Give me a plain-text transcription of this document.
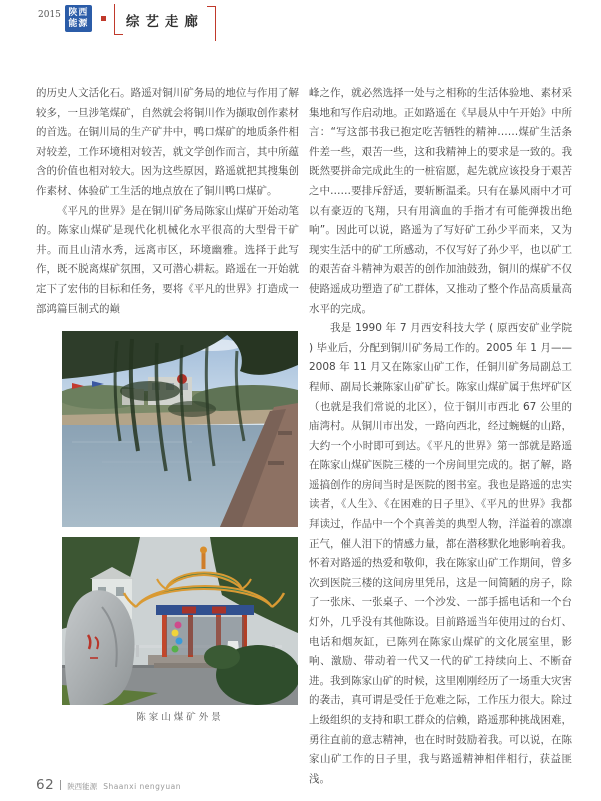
2015 陕西
能源	综艺走廊

的历史人文活化石。路遥对铜川矿务局的地位与作用了解较多，一旦涉笔煤矿，自然就会将铜川作为撷取创作素材的首选。在铜川局的生产矿井中，鸭口煤矿的地质条件相对较差，工作环境相对较苦，就文学创作而言，其中所蕴含的价值也相对较大。因为这些原因，路遥就把其搜集创作素材、体验矿工生活的地点放在了铜川鸭口煤矿。

《平凡的世界》是在铜川矿务局陈家山煤矿开始动笔的。陈家山煤矿是现代化机械化水平很高的大型骨干矿井。而且山清水秀，远离市区，环境幽雅。选择于此写作，既不脱离煤矿氛围，又可潜心耕耘。路遥在一开始就定下了宏伟的目标和任务，要将《平凡的世界》打造成一部鸿篇巨制式的巅

峰之作，就必然选择一处与之相称的生活体验地、素材采集地和写作启动地。正如路遥在《早晨从中午开始》中所言：“写这部书我已抱定吃苦牺牲的精神……煤矿生活条件差一些，艰苦一些，这和我精神上的要求是一致的。我既然要拼命完成此生的一桩宿愿，起先就应该投身于艰苦之中……要排斥舒适，要斩断温柔。只有在暴风雨中才可以有豪迈的飞翔，只有用滴血的手指才有可能弹拨出绝响”。因此可以说，路遥为了写好矿工孙少平而来，又为现实生活中的矿工所感动，不仅写好了孙少平，也以矿工的艰苦奋斗精神为艰苦的创作加油鼓劲，铜川的煤矿不仅使路遥成功塑造了矿工群体，又推动了整个作品高质量高水平的完成。

我是 1990 年 7 月西安科技大学 ( 原西安矿业学院 ) 毕业后，分配到铜川矿务局工作的。2005 年 1 月——2008 年 11 月又在陈家山矿工作，任铜川矿务局副总工程师、副局长兼陈家山矿矿长。陈家山煤矿属于焦坪矿区（也就是我们常说的北区），位于铜川市西北 67 公里的庙湾村。从铜川市出发，一路向西北，经过蜿蜒的山路，大约一个小时即可到达。《平凡的世界》第一部就是路遥在陈家山煤矿医院三楼的一个房间里完成的。据了解，路遥搞创作的房间当时是医院的图书室。我也是路遥的忠实读者，《人生》、《在困难的日子里》、《平凡的世界》我都拜读过，作品中一个个真善美的典型人物，洋溢着的凛凛正气，催人泪下的情感力量，都在潜移默化地影响着我。怀着对路遥的热爱和敬仰，我在陈家山矿工作期间，曾多次到医院三楼的这间房里凭吊，这是一间简陋的房子，除了一张床、一张桌子、一个沙发、一部手摇电话和一个台灯外，几乎没有其他陈设。目前路遥当年使用过的台灯、电话和烟灰缸，已陈列在陈家山煤矿的文化展室里，影响、激励、带动着一代又一代的矿工持续向上、不断奋进。我到陈家山矿的时候，这里刚刚经历了一场重大灾害的袭击，真可谓是受任于危难之际，工作压力很大。除过上级组织的支持和职工群众的信赖，路遥那种挑战困难，勇往直前的意志精神，也在时时鼓励着我。可以说，在陈家山矿工作的日子里，我与路遥精神相伴相行，获益匪浅。

陈家山煤矿外景
62 陕西能源 Shaanxi nengyuan
